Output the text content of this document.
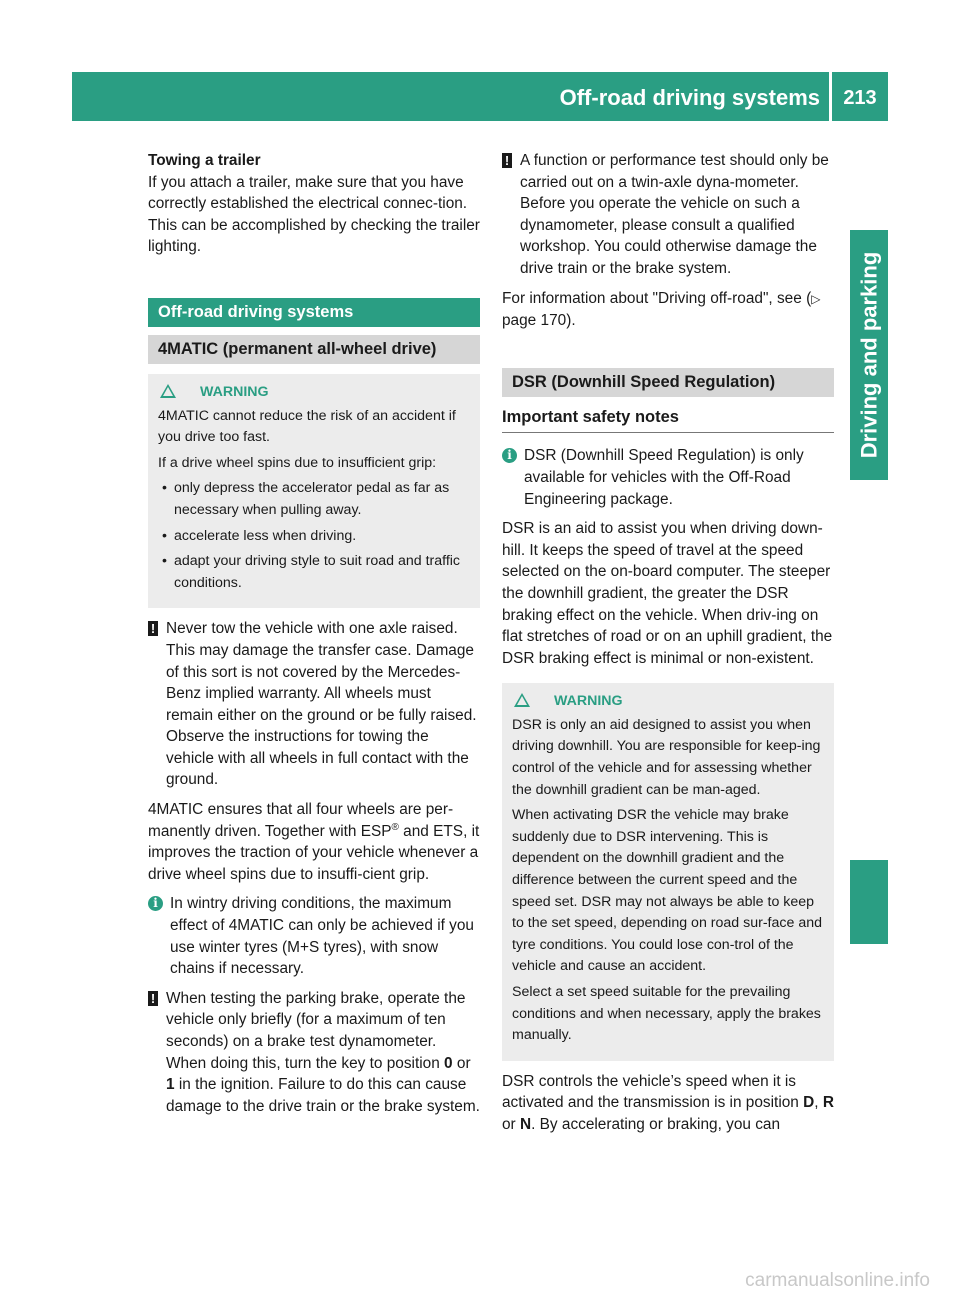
Off-road driving systems	213
Driving and parking
Towing a trailer
If you attach a trailer, make sure that you have correctly established the electrical connec-tion. This can be accomplished by checking the trailer lighting.
Off-road driving systems
4MATIC (permanent all-wheel drive)
WARNING
4MATIC cannot reduce the risk of an accident if you drive too fast.
If a drive wheel spins due to insufficient grip:
• only depress the accelerator pedal as far as necessary when pulling away.
• accelerate less when driving.
• adapt your driving style to suit road and traffic conditions.
! Never tow the vehicle with one axle raised. This may damage the transfer case. Damage of this sort is not covered by the Mercedes-Benz implied warranty. All wheels must remain either on the ground or be fully raised. Observe the instructions for towing the vehicle with all wheels in full contact with the ground.
4MATIC ensures that all four wheels are per-manently driven. Together with ESP® and ETS, it improves the traction of your vehicle whenever a drive wheel spins due to insuffi-cient grip.
i In wintry driving conditions, the maximum effect of 4MATIC can only be achieved if you use winter tyres (M+S tyres), with snow chains if necessary.
! When testing the parking brake, operate the vehicle only briefly (for a maximum of ten seconds) on a brake test dynamometer. When doing this, turn the key to position 0 or 1 in the ignition. Failure to do this can cause damage to the drive train or the brake system.
! A function or performance test should only be carried out on a twin-axle dyna-mometer. Before you operate the vehicle on such a dynamometer, please consult a qualified workshop. You could otherwise damage the drive train or the brake system.
For information about "Driving off-road", see (▷ page 170).
DSR (Downhill Speed Regulation)
Important safety notes
i DSR (Downhill Speed Regulation) is only available for vehicles with the Off-Road Engineering package.
DSR is an aid to assist you when driving down-hill. It keeps the speed of travel at the speed selected on the on-board computer. The steeper the downhill gradient, the greater the DSR braking effect on the vehicle. When driv-ing on flat stretches of road or on an uphill gradient, the DSR braking effect is minimal or non-existent.
WARNING
DSR is only an aid designed to assist you when driving downhill. You are responsible for keep-ing control of the vehicle and for assessing whether the downhill gradient can be man-aged.
When activating DSR the vehicle may brake suddenly due to DSR intervening. This is dependent on the downhill gradient and the difference between the current speed and the speed set. DSR may not always be able to keep to the set speed, depending on road sur-face and tyre conditions. You could lose con-trol of the vehicle and cause an accident.
Select a set speed suitable for the prevailing conditions and when necessary, apply the brakes manually.
DSR controls the vehicle’s speed when it is activated and the transmission is in position D, R or N. By accelerating or braking, you can
carmanualsonline.info
